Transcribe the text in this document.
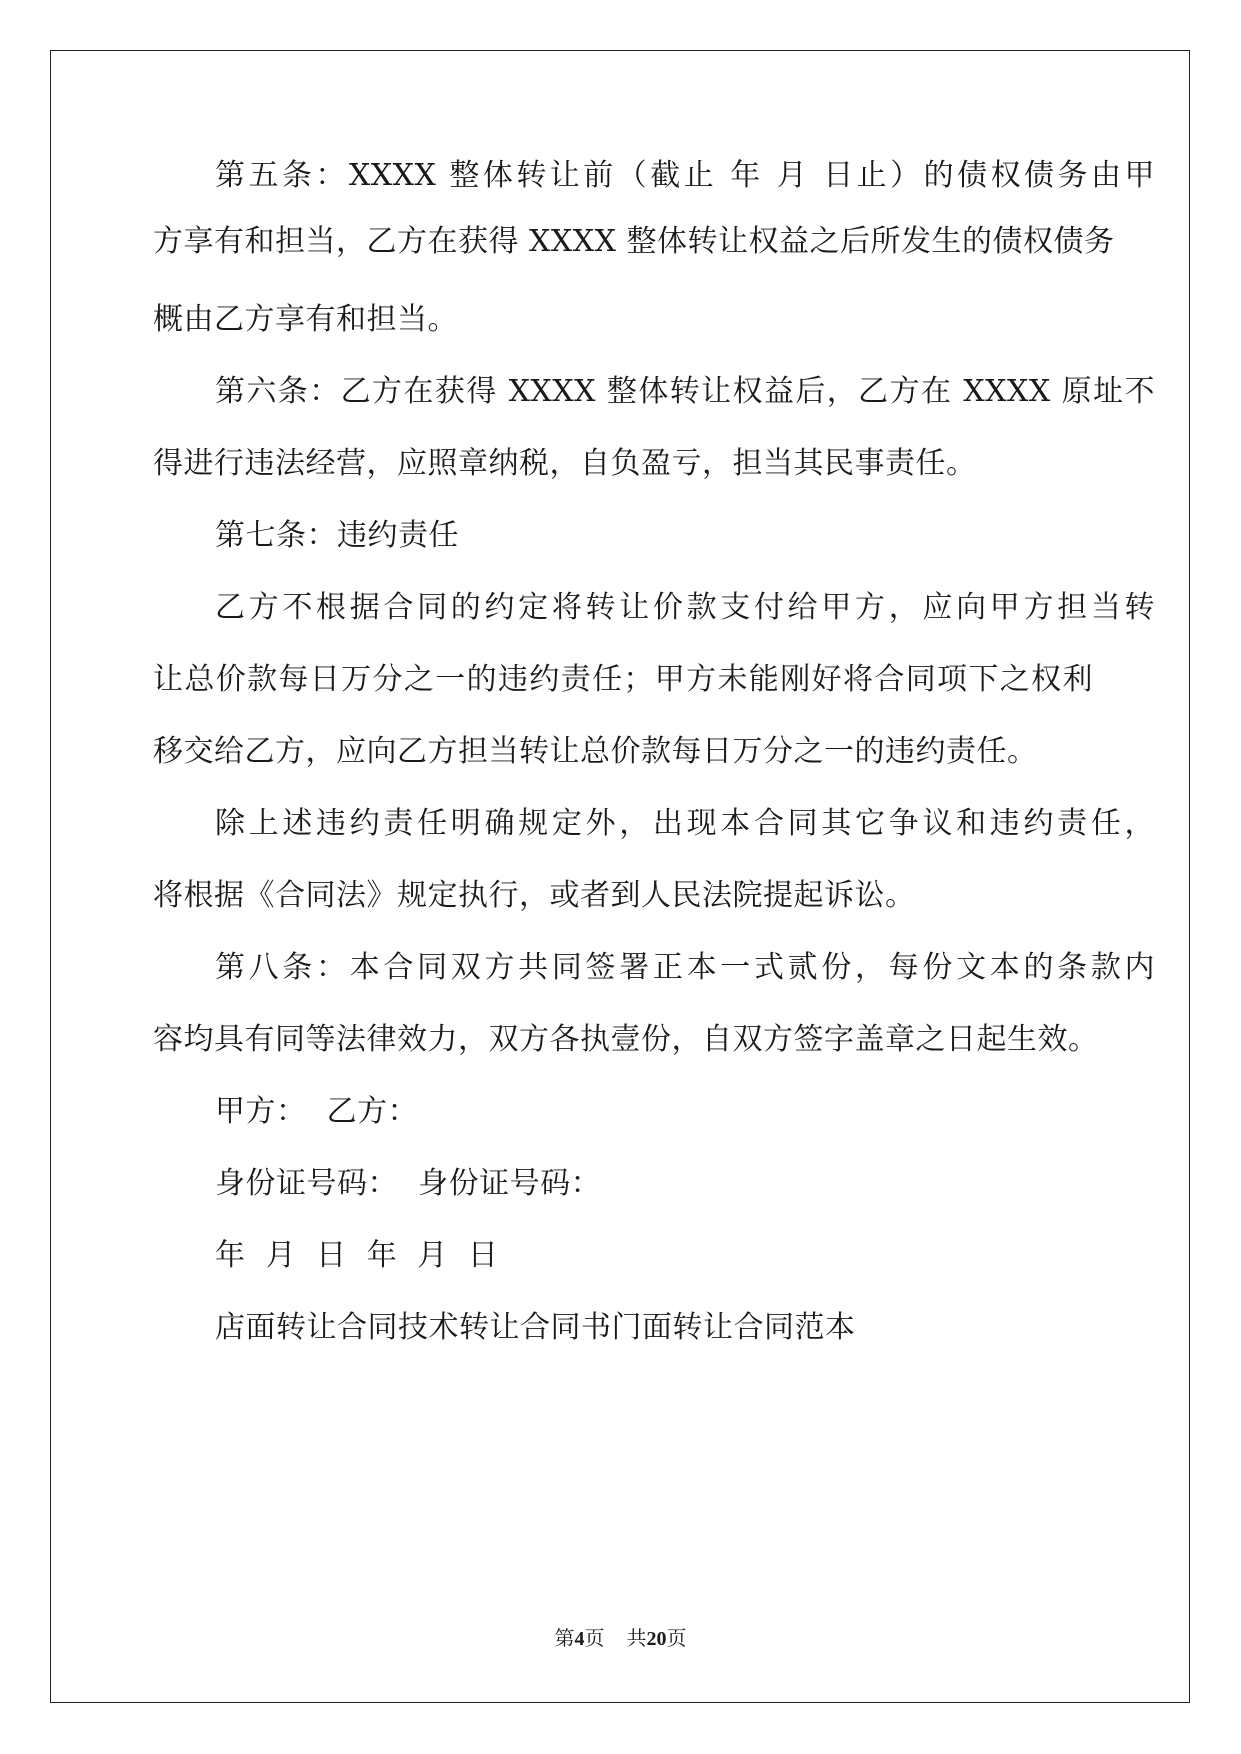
第五条：XXXX 整体转让前（截止 年 月 日止）的债权债务由甲
方享有和担当，乙方在获得 XXXX 整体转让权益之后所发生的债权债务
概由乙方享有和担当。
第六条：乙方在获得 XXXX 整体转让权益后，乙方在 XXXX 原址不
得进行违法经营，应照章纳税，自负盈亏，担当其民事责任。
第七条：违约责任
乙方不根据合同的约定将转让价款支付给甲方，应向甲方担当转
让总价款每日万分之一的违约责任；甲方未能刚好将合同项下之权利
移交给乙方，应向乙方担当转让总价款每日万分之一的违约责任。
除上述违约责任明确规定外，出现本合同其它争议和违约责任，
将根据《合同法》规定执行，或者到人民法院提起诉讼。
第八条：本合同双方共同签署正本一式贰份，每份文本的条款内
容均具有同等法律效力，双方各执壹份，自双方签字盖章之日起生效。
甲方：  乙方：
身份证号码：  身份证号码：
年  月  日  年  月  日
店面转让合同技术转让合同书门面转让合同范本
第4页 共20页
